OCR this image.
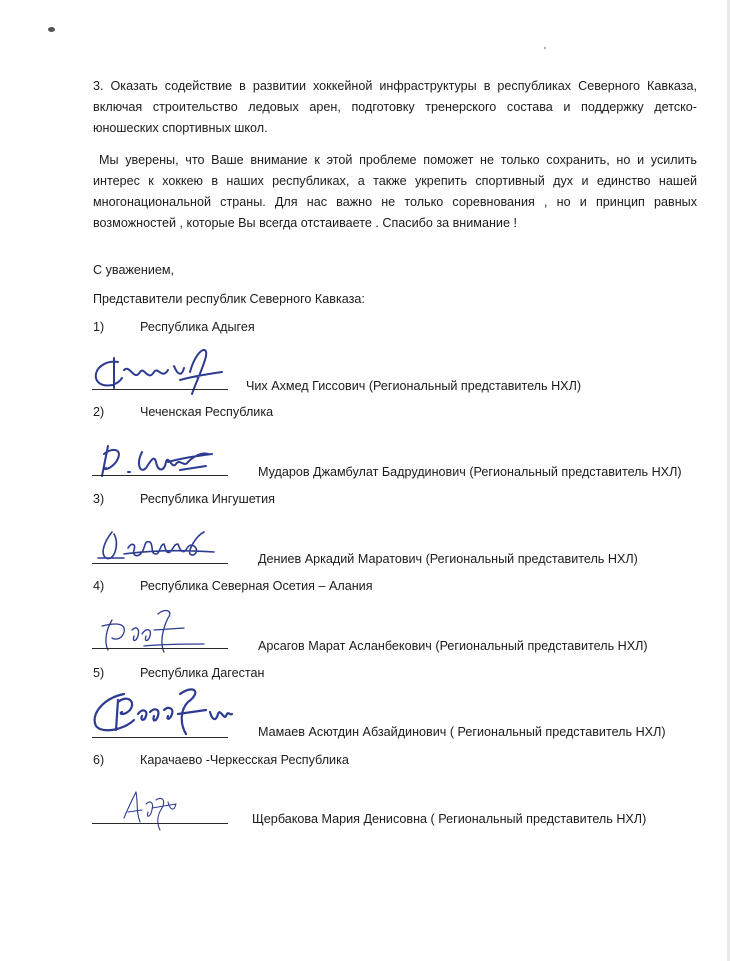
3. Оказать содействие в развитии хоккейной инфраструктуры в республиках Северного Кавказа, включая строительство ледовых арен, подготовку тренерского состава и поддержку детско-юношеских спортивных школ.

Мы уверены, что Ваше внимание к этой проблеме поможет не только сохранить, но и усилить интерес к хоккею в наших республиках, а также укрепить спортивный дух и единство нашей многонациональной страны. Для нас важно не только соревнования , но и принцип равных возможностей , которые Вы всегда отстаиваете . Спасибо за внимание !

С уважением,
Представители республик Северного Кавказа:
1)	Республика Адыгея
Чих Ахмед Гиссович (Региональный представитель НХЛ)
2)	Чеченская Республика
Мударов Джамбулат Бадрудинович (Региональный представитель НХЛ)
3)	Республика Ингушетия
Дениев Аркадий Маратович (Региональный представитель НХЛ)
4)	Республика Северная Осетия – Алания
Арсагов Марат Асланбекович (Региональный представитель НХЛ)
5)	Республика Дагестан
Мамаев Асютдин Абзайдинович ( Региональный представитель НХЛ)
6)	Карачаево -Черкесская Республика
Щербакова Мария Денисовна ( Региональный представитель НХЛ)
